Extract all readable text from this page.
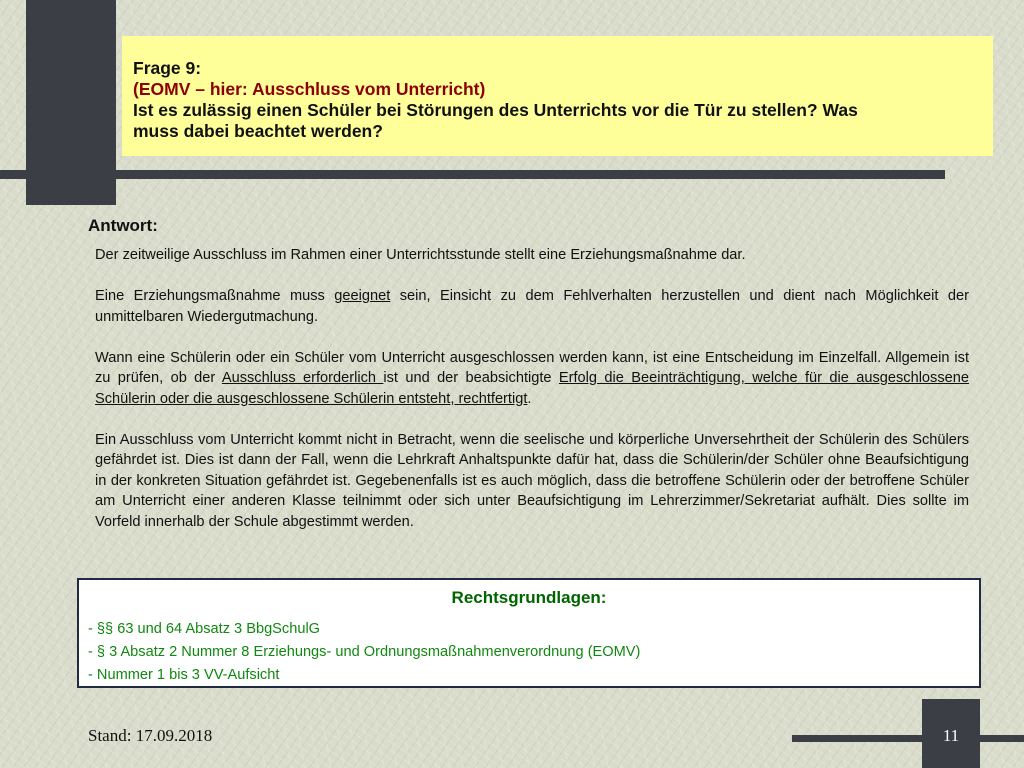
Frage 9:
(EOMV – hier: Ausschluss vom Unterricht)
Ist es zulässig einen Schüler bei Störungen des Unterrichts vor die Tür zu stellen? Was
muss dabei beachtet werden?
Antwort:

Der zeitweilige Ausschluss im Rahmen einer Unterrichtsstunde stellt eine Erziehungsmaßnahme dar.

Eine Erziehungsmaßnahme muss geeignet sein, Einsicht zu dem Fehlverhalten herzustellen und dient nach Möglichkeit der unmittelbaren Wiedergutmachung.

Wann eine Schülerin oder ein Schüler vom Unterricht ausgeschlossen werden kann, ist eine Entscheidung im Einzelfall. Allgemein ist zu prüfen, ob der Ausschluss erforderlich ist und der beabsichtigte Erfolg die Beeinträchtigung, welche für die ausgeschlossene Schülerin oder die ausgeschlossene Schülerin entsteht, rechtfertigt.

Ein Ausschluss vom Unterricht kommt nicht in Betracht, wenn die seelische und körperliche Unversehrtheit der Schülerin des Schülers gefährdet ist. Dies ist dann der Fall, wenn die Lehrkraft Anhaltspunkte dafür hat, dass die Schülerin/der Schüler ohne Beaufsichtigung in der konkreten Situation gefährdet ist. Gegebenenfalls ist es auch möglich, dass die betroffene Schülerin oder der betroffene Schüler am Unterricht einer anderen Klasse teilnimmt oder sich unter Beaufsichtigung im Lehrerzimmer/Sekretariat aufhält. Dies sollte im Vorfeld innerhalb der Schule abgestimmt werden.

Rechtsgrundlagen:
- §§ 63 und 64 Absatz 3 BbgSchulG
- § 3 Absatz 2 Nummer 8 Erziehungs- und Ordnungsmaßnahmenverordnung (EOMV)
- Nummer 1 bis 3 VV-Aufsicht
Stand: 17.09.2018	11
